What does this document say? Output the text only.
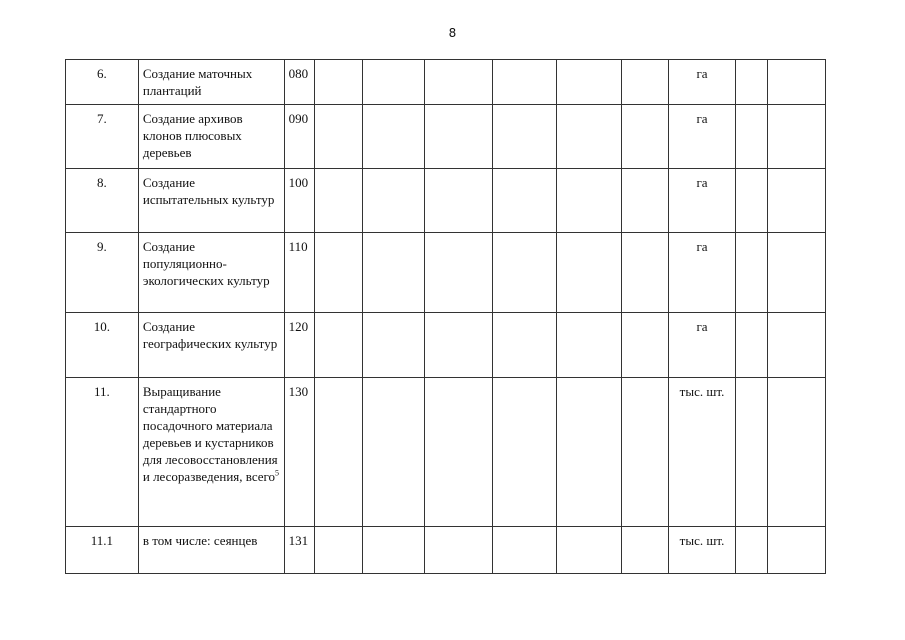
8
6.	Создание маточных плантаций	080							га		
7.	Создание архивов клонов плюсовых деревьев	090							га		
8.	Создание испытательных культур	100							га		
9.	Создание популяционно-экологических культур	110							га		
10.	Создание географических культур	120							га		
11.	Выращивание стандартного посадочного материала деревьев и кустарников для лесовосстановления и лесоразведения, всего$^5$	130							тыс. шт.		
11.1	в том числе: сеянцев	131							тыс. шт.		
